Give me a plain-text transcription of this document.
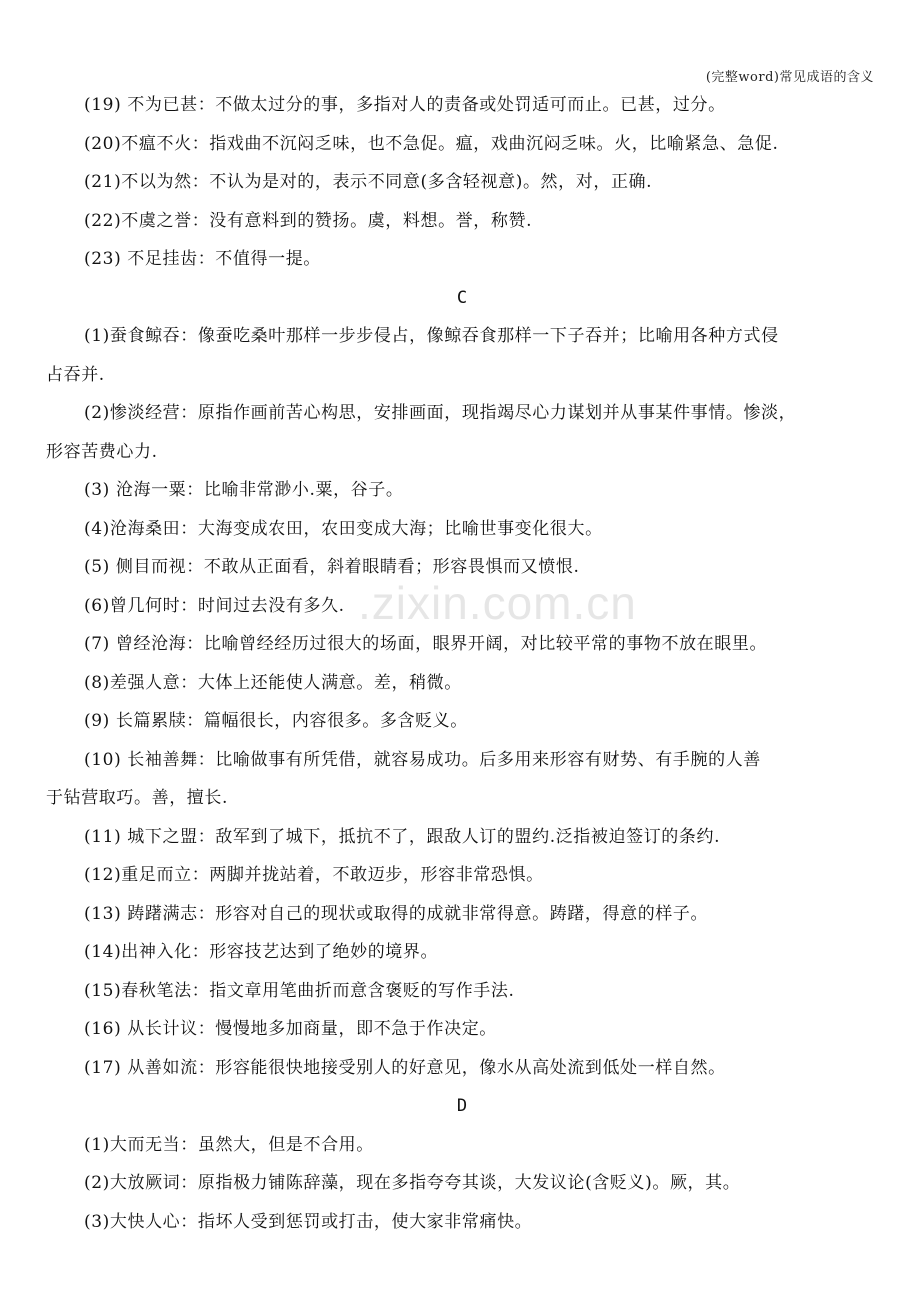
(完整word)常见成语的含义
.zixin.com.cn
(19) 不为已甚：不做太过分的事，多指对人的责备或处罚适可而止。已甚，过分。
(20)不瘟不火：指戏曲不沉闷乏味，也不急促。瘟，戏曲沉闷乏味。火，比喻紧急、急促.
(21)不以为然：不认为是对的，表示不同意(多含轻视意)。然，对，正确.
(22)不虞之誉：没有意料到的赞扬。虞，料想。誉，称赞.
(23) 不足挂齿：不值得一提。
C
(1)蚕食鲸吞：像蚕吃桑叶那样一步步侵占，像鲸吞食那样一下子吞并；比喻用各种方式侵
占吞并.
(2)惨淡经营：原指作画前苦心构思，安排画面，现指竭尽心力谋划并从事某件事情。惨淡，
形容苦费心力.
(3) 沧海一粟：比喻非常渺小.粟，谷子。
(4)沧海桑田：大海变成农田，农田变成大海；比喻世事变化很大。
(5) 侧目而视：不敢从正面看，斜着眼睛看；形容畏惧而又愤恨.
(6)曾几何时：时间过去没有多久.
(7) 曾经沧海：比喻曾经经历过很大的场面，眼界开阔，对比较平常的事物不放在眼里。
(8)差强人意：大体上还能使人满意。差，稍微。
(9) 长篇累牍：篇幅很长，内容很多。多含贬义。
(10) 长袖善舞：比喻做事有所凭借，就容易成功。后多用来形容有财势、有手腕的人善
于钻营取巧。善，擅长.
(11) 城下之盟：敌军到了城下，抵抗不了，跟敌人订的盟约.泛指被迫签订的条约.
(12)重足而立：两脚并拢站着，不敢迈步，形容非常恐惧。
(13) 踌躇满志：形容对自己的现状或取得的成就非常得意。踌躇，得意的样子。
(14)出神入化：形容技艺达到了绝妙的境界。
(15)春秋笔法：指文章用笔曲折而意含褒贬的写作手法.
(16) 从长计议：慢慢地多加商量，即不急于作决定。
(17) 从善如流：形容能很快地接受别人的好意见，像水从高处流到低处一样自然。
D
(1)大而无当：虽然大，但是不合用。
(2)大放厥词：原指极力铺陈辞藻，现在多指夸夸其谈，大发议论(含贬义)。厥，其。
(3)大快人心：指坏人受到惩罚或打击，使大家非常痛快。
